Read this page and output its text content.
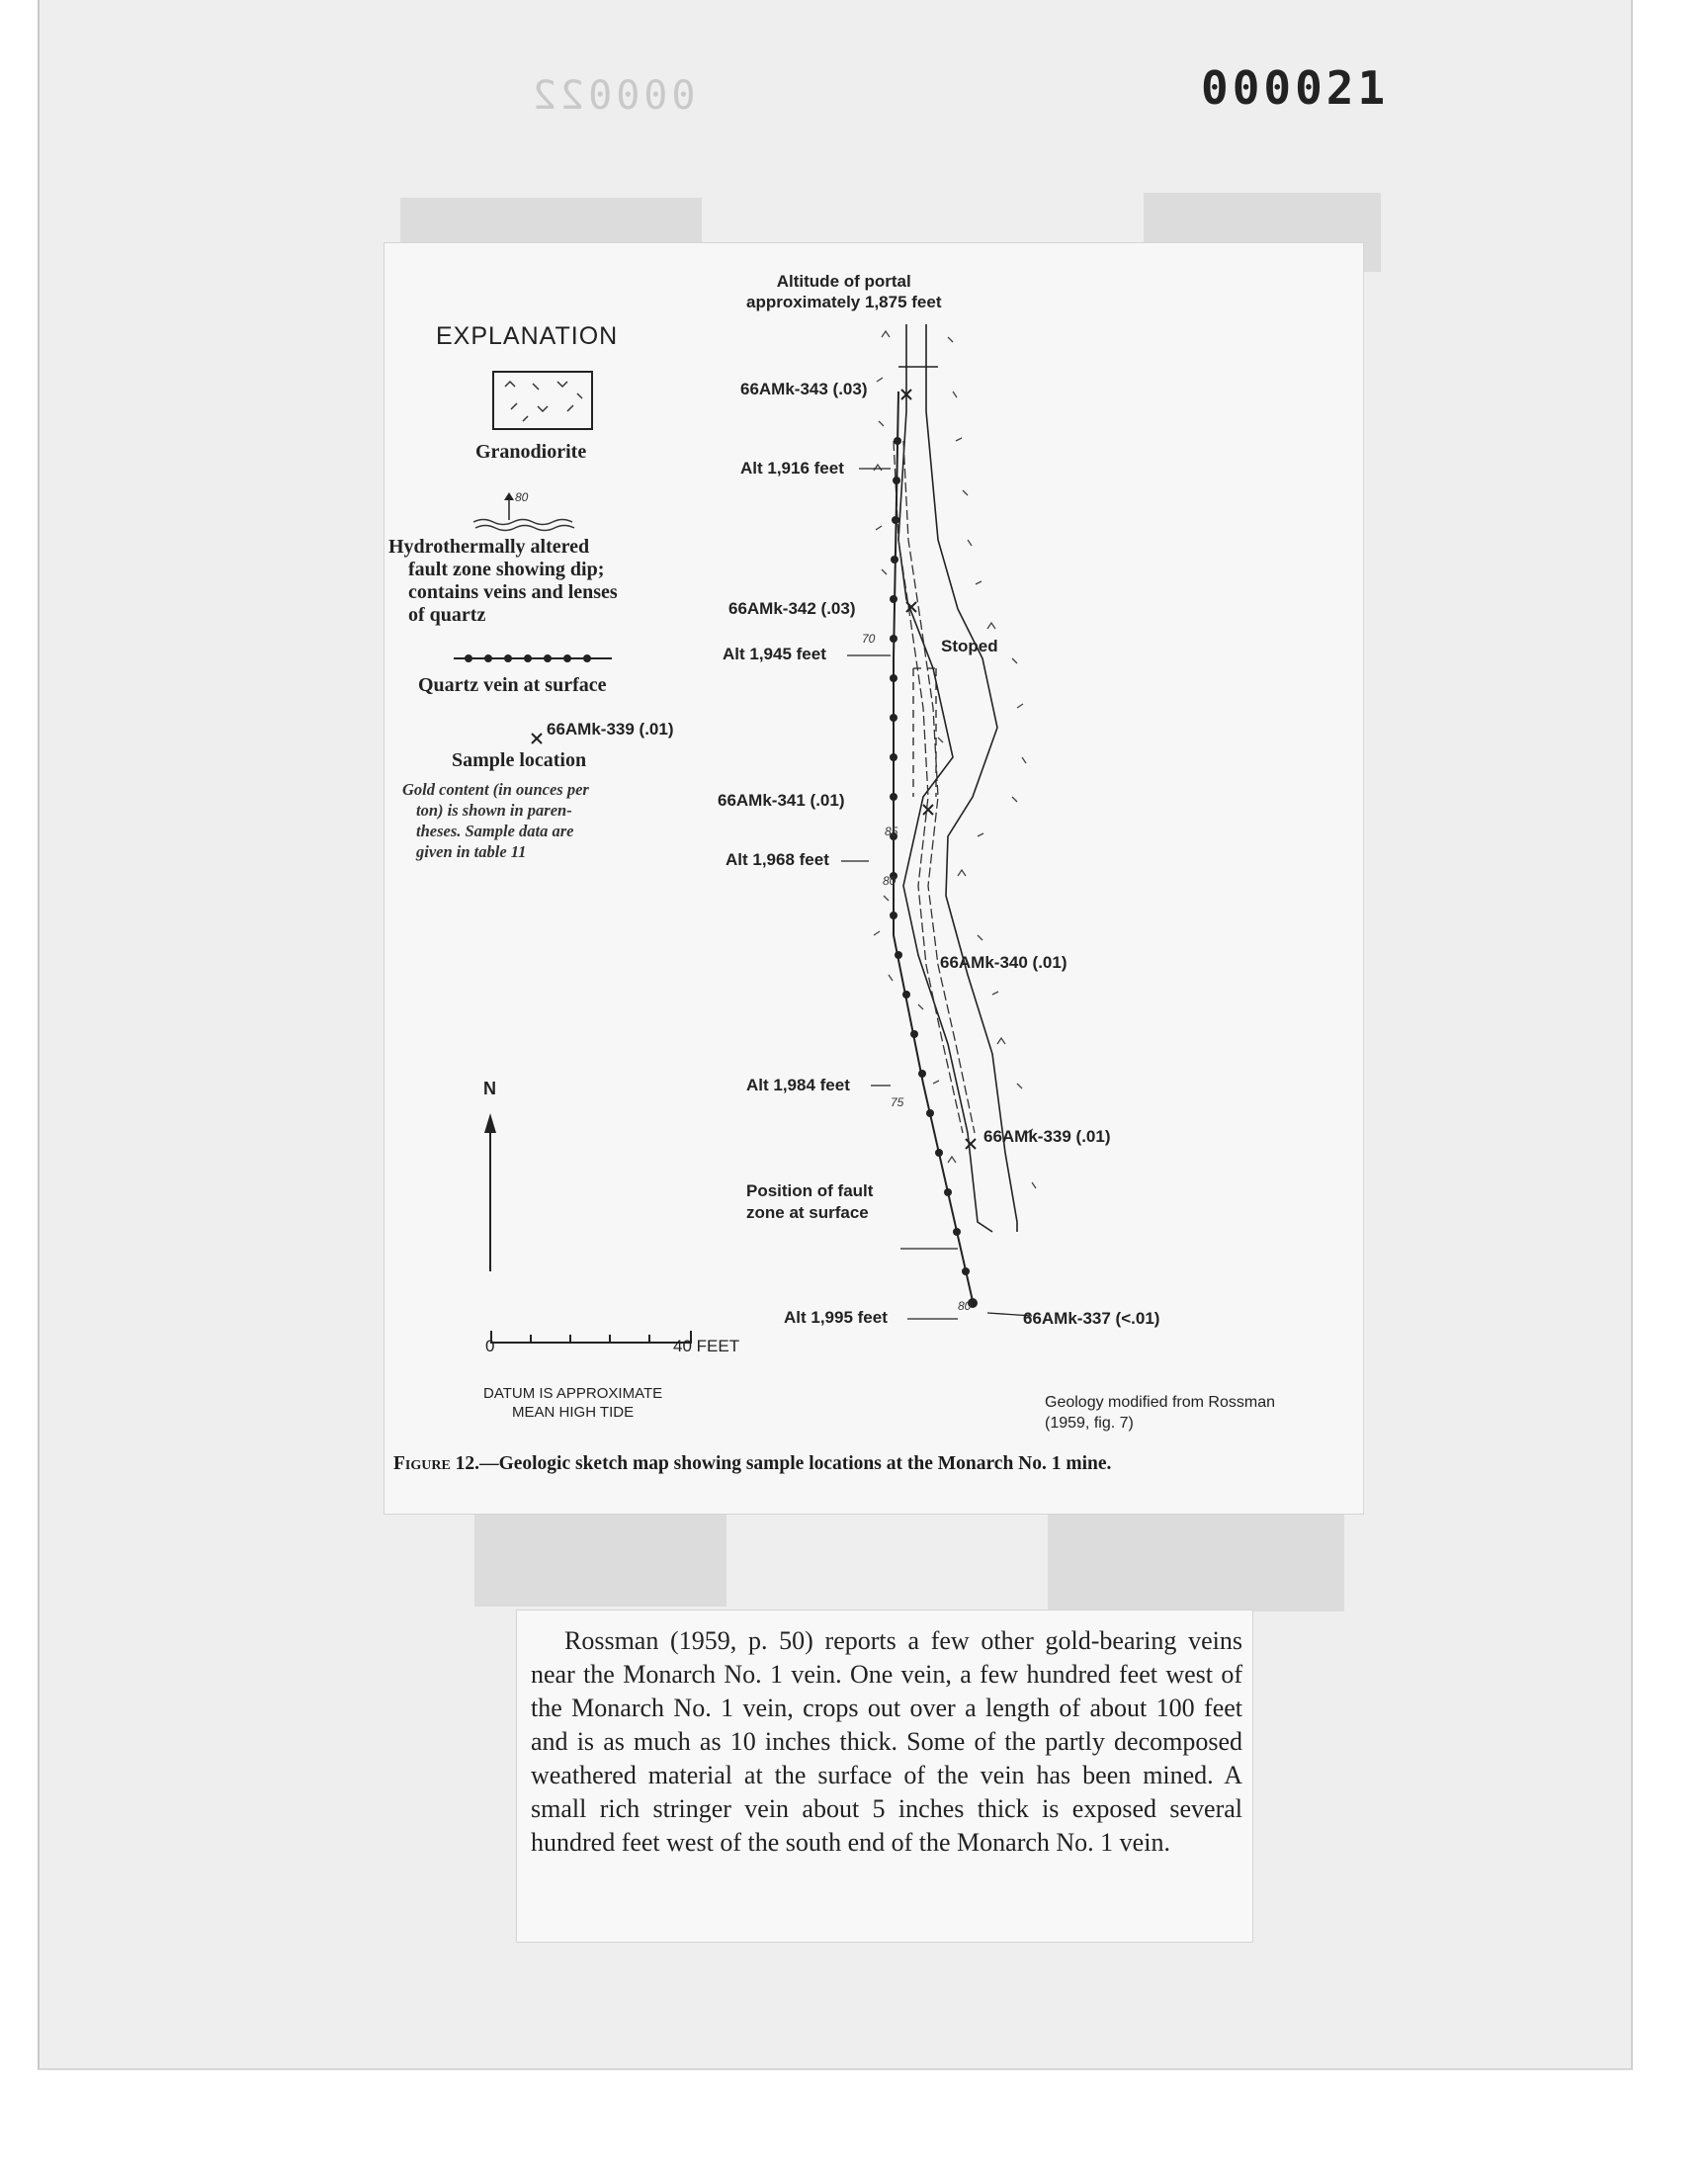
000022	000021
EXPLANATION
Granodiorite
80
Hydrothermally altered
fault zone showing dip;
contains veins and lenses
of quartz
Quartz vein at surface
66AMk-339 (.01)
Sample location
Gold content (in ounces per
ton) is shown in paren-
theses. Sample data are
given in table 11
Altitude of portal
approximately 1,875 feet
66AMk-343 (.03)
Alt 1,916 feet
66AMk-342 (.03)
Alt 1,945 feet	Stoped
66AMk-341 (.01)
Alt 1,968 feet
66AMk-340 (.01)
Alt 1,984 feet
66AMk-339 (.01)
Position of fault
zone at surface
Alt 1,995 feet	66AMk-337 (<.01)
70
85
80
75
80
N
0	40 FEET
DATUM IS APPROXIMATE
MEAN HIGH TIDE
Geology modified from Rossman
(1959, fig. 7)
Figure 12.—Geologic sketch map showing sample locations at the Monarch No. 1 mine.

Rossman (1959, p. 50) reports a few other gold-bearing veins near the Monarch No. 1 vein. One vein, a few hundred feet west of the Monarch No. 1 vein, crops out over a length of about 100 feet and is as much as 10 inches thick. Some of the partly decomposed weathered material at the surface of the vein has been mined. A small rich stringer vein about 5 inches thick is exposed several hundred feet west of the south end of the Monarch No. 1 vein.
